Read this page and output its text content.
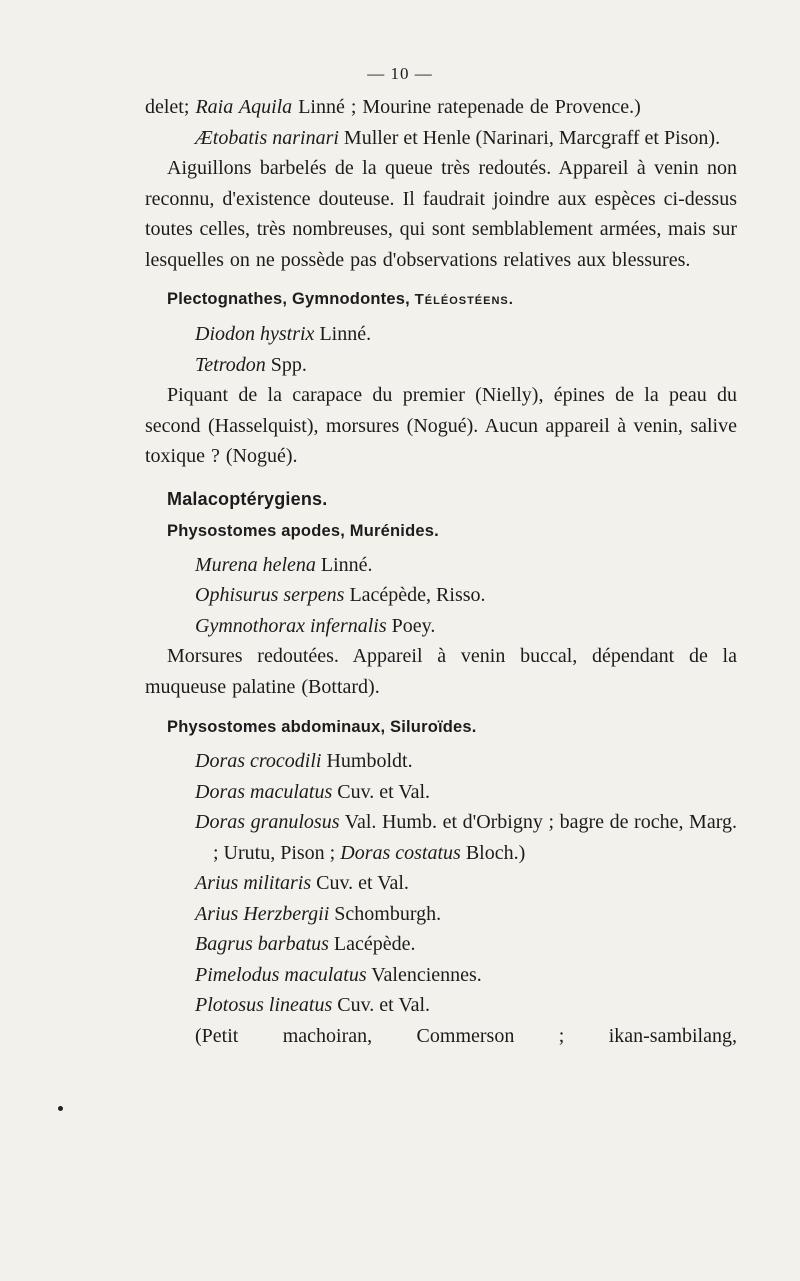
— 10 —

delet; Raia Aquila Linné ; Mourine ratepenade de Provence.)

Ætobatis narinari Muller et Henle (Narinari, Marcgraff et Pison).

Aiguillons barbelés de la queue très redoutés. Appareil à venin non reconnu, d'existence douteuse. Il faudrait joindre aux espèces ci-dessus toutes celles, très nombreuses, qui sont semblablement armées, mais sur lesquelles on ne possède pas d'observations relatives aux blessures.

Plectognathes, Gymnodontes, Téléostéens.

Diodon hystrix Linné.

Tetrodon Spp.

Piquant de la carapace du premier (Nielly), épines de la peau du second (Hasselquist), morsures (Nogué). Aucun appareil à venin, salive toxique ? (Nogué).

Malacoptérygiens.
Physostomes apodes, Murénides.

Murena helena Linné.

Ophisurus serpens Lacépède, Risso.

Gymnothorax infernalis Poey.

Morsures redoutées. Appareil à venin buccal, dépendant de la muqueuse palatine (Bottard).

Physostomes abdominaux, Siluroïdes.

Doras crocodili Humboldt.

Doras maculatus Cuv. et Val.

Doras granulosus Val. Humb. et d'Orbigny ; bagre de roche, Marg. ; Urutu, Pison ; Doras costatus Bloch.)

Arius militaris Cuv. et Val.

Arius Herzbergii Schomburgh.

Bagrus barbatus Lacépède.

Pimelodus maculatus Valenciennes.

Plotosus lineatus Cuv. et Val.

(Petit machoiran, Commerson ; ikan-sambilang,
